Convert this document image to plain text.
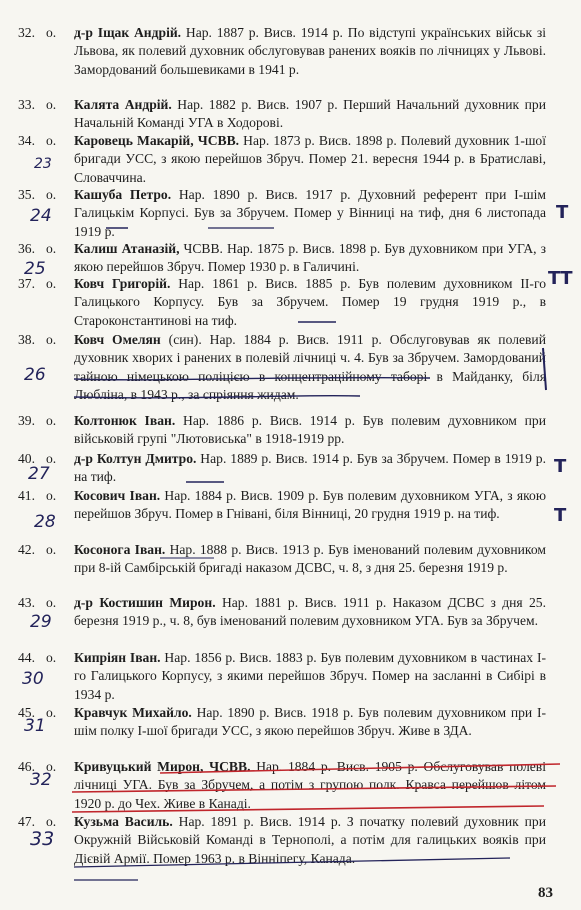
32. о.	д-р Іщак Андрій. Нар. 1887 р. Висв. 1914 р. По відступі українських військ зі Львова, як полевий духовник обслуговував ранених вояків по лічницях у Львові. Замордований большевиками в 1941 р.
33. о.	Калята Андрій. Нар. 1882 р. Висв. 1907 р. Перший Начальний духовник при Начальній Команді УГА в Ходорові.
34. о.	Каровець Макарій, ЧСВВ. Нар. 1873 р. Висв. 1898 р. Полевий духовник 1-шої бригади УСС, з якою перейшов Збруч. Помер 21. вересня 1944 р. в Братиславі, Словаччина.
35. о.	Кашуба Петро. Нар. 1890 р. Висв. 1917 р. Духовний референт при І-шім Галицькім Корпусі. Був за Збручем. Помер у Вінниці на тиф, дня 6 листопада 1919 р.
36. о.	Калиш Атаназій, ЧСВВ. Нар. 1875 р. Висв. 1898 р. Був духовником при УГА, з якою перейшов Збруч. Помер 1930 р. в Галичині.
37. о.	Ковч Григорій. Нар. 1861 р. Висв. 1885 р. Був полевим духовником ІІ-го Галицького Корпусу. Був за Збручем. Помер 19 грудня 1919 р., в Староконстантинові на тиф.
38. о.	Ковч Омелян (син). Нар. 1884 р. Висв. 1911 р. Обслуговував як полевий духовник хворих і ранених в полевій лічниці ч. 4. Був за Збручем. Замордований тайною німецькою поліцією в концентраційному таборі в Майданку, біля Любліна, в 1943 р., за спріяння жидам.
39. о.	Колтонюк Іван. Нар. 1886 р. Висв. 1914 р. Був полевим духовником при військовій групі "Лютовиська" в 1918-1919 рр.
40. о.	д-р Колтун Дмитро. Нар. 1889 р. Висв. 1914 р. Був за Збручем. Помер в 1919 р. на тиф.
41. о.	Косович Іван. Нар. 1884 р. Висв. 1909 р. Був полевим духовником УГА, з якою перейшов Збруч. Помер в Гнівані, біля Вінниці, 20 грудня 1919 р. на тиф.
42. о.	Косонога Іван. Нар. 1888 р. Висв. 1913 р. Був іменований полевим духовником при 8-ій Самбірській бригаді наказом ДСВС, ч. 8, з дня 25. березня 1919 р.
43. о.	д-р Костишин Мирон. Нар. 1881 р. Висв. 1911 р. Наказом ДСВС з дня 25. березня 1919 р., ч. 8, був іменований полевим духовником УГА. Був за Збручем.
44. о.	Кипріян Іван. Нар. 1856 р. Висв. 1883 р. Був полевим духовником в частинах І-го Галицького Корпусу, з якими перейшов Збруч. Помер на засланні в Сибірі в 1934 р.
45. о.	Кравчук Михайло. Нар. 1890 р. Висв. 1918 р. Був полевим духовником при І-шім полку І-шої бригади УСС, з якою перейшов Збруч. Живе в ЗДА.
46. о.	Кривуцький Мирон, ЧСВВ. Нар. 1884 р. Висв. 1905 р. Обслуговував полеві лічниці УГА. Був за Збручем, а потім з групою полк. Кравса перейшов літом 1920 р. до Чех. Живе в Канаді.
47. о.	Кузьма Василь. Нар. 1891 р. Висв. 1914 р. З початку полевий духовник при Окружній Військовій Команді в Тернополі, а потім для галицьких вояків при Дієвій Армії. Помер 1963 р. в Вінніпегу, Канада.
23
24
25
26
27
28
29
30
31
32
33
Т
ТТ
Т
Т
83
